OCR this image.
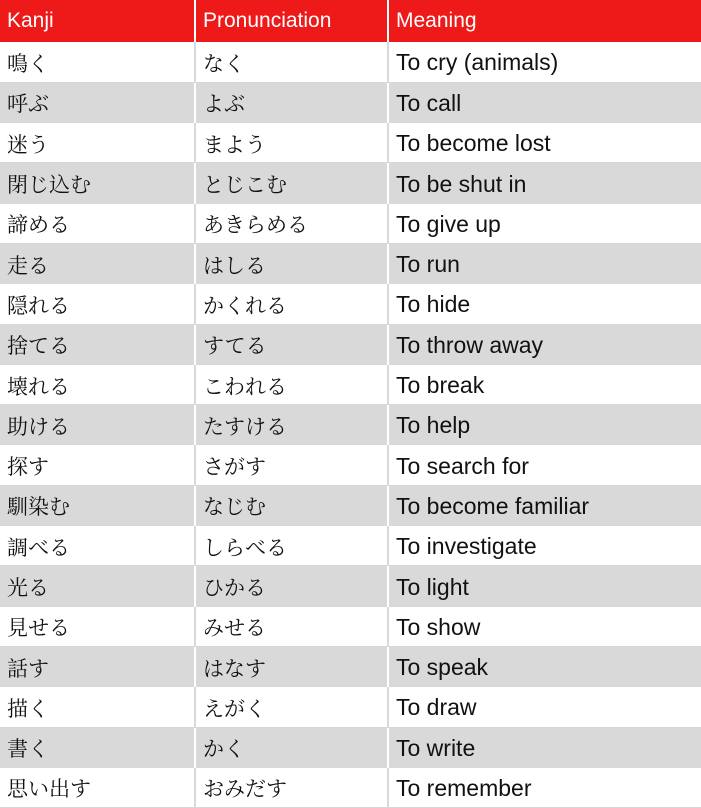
Kanji	Pronunciation	Meaning
鳴く	なく	To cry (animals)
呼ぶ	よぶ	To call
迷う	まよう	To become lost
閉じ込む	とじこむ	To be shut in
諦める	あきらめる	To give up
走る	はしる	To run
隠れる	かくれる	To hide
捨てる	すてる	To throw away
壊れる	こわれる	To break
助ける	たすける	To help
探す	さがす	To search for
馴染む	なじむ	To become familiar
調べる	しらべる	To investigate
光る	ひかる	To light
見せる	みせる	To show
話す	はなす	To speak
描く	えがく	To draw
書く	かく	To write
思い出す	おみだす	To remember
